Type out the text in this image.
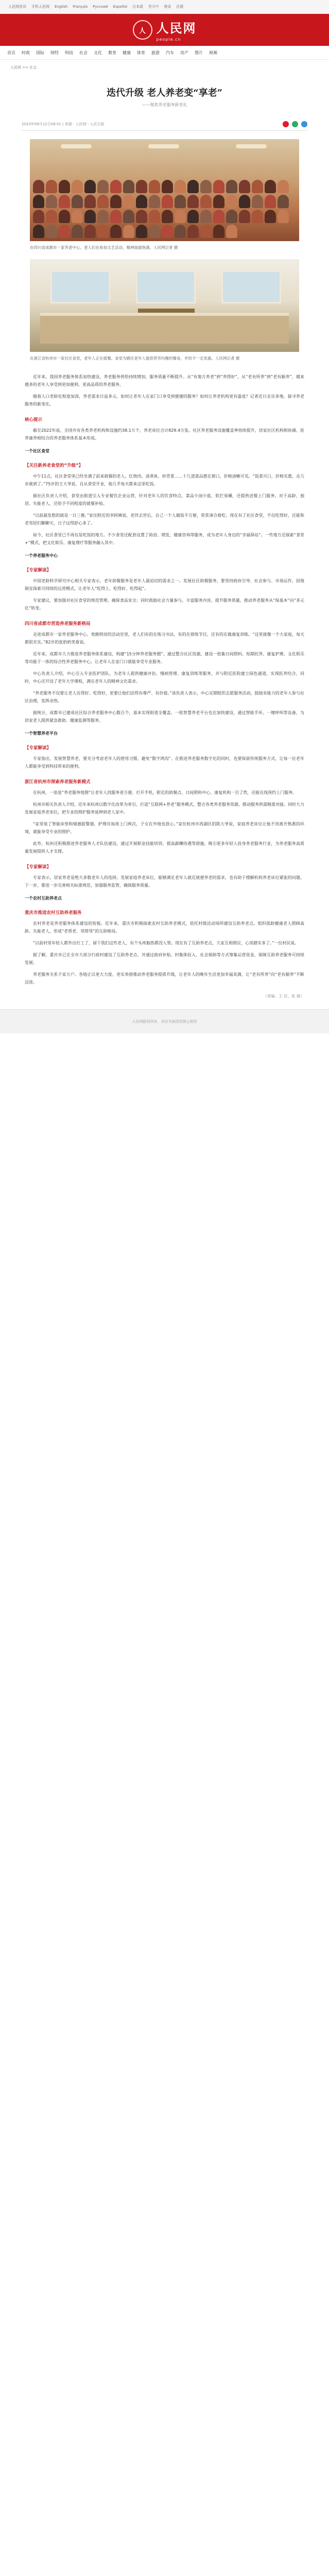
人民网首页 手机人民网 English Français Русский Español 日本語 한국어 登录 注册
人 人民网
people.cn
首页 时政 国际 财经 科技 社会 文化 教育 健康 体育 旅游 汽车 房产 图片 视频
人民网 >> 社会
迭代升级 老人养老变“享老”
——聚焦养老服务新变化
2023年09月12日08:01 | 来源：人民网－人民日报

在四川省成都市一家养老中心，老人们在参加文艺活动，精神面貌饱满。人民网记者 摄

在浙江省杭州市一家社区食堂，老年人正在就餐。食堂为辖区老年人提供营养均衡的餐食，并给予一定优惠。人民网记者 摄

近年来，我国养老服务体系加快建设，养老服务供给持续增加，服务质量不断提升。从“有地方养老”到“养得好”，从“老有所养”到“老有颐养”，越来越多的老年人享受到更加便利、更高品质的养老服务。

随着人口老龄化程度加深，养老需求日益多元。如何让老年人在家门口享受到便捷的服务？如何让养老机构更有温度？记者近日走访多地，探寻养老服务的新变化。

核心提示

截至2022年底，全国共有各类养老机构和设施约38.1万个，养老床位合计829.4万张。社区养老服务设施覆盖率持续提升，居家社区机构相协调、医养康养相结合的养老服务体系基本形成。

一个社区食堂
【关注新养老食堂的“升级”】

中午11点，社区食堂里已经坐满了前来就餐的老人。红烧肉、清蒸鱼、炒青菜……十几道菜品摆在窗口，价格清晰可见。“饭菜可口，价格实惠，走几步就到了。”75岁的王大爷说，自从食堂开业，他几乎每天都来这里吃饭。

据社区负责人介绍，食堂由街道引入专业餐饮企业运营，针对老年人的饮食特点，菜品少油少盐、软烂易嚼，还提供送餐上门服务。对于高龄、独居、失能老人，还给予不同程度的就餐补贴。

“以前最发愁的就是一日三餐。”家住附近的李阿姨说，老伴去世后，自己一个人做饭不方便，常常凑合着吃。现在有了社区食堂，不仅吃得好，还能和老邻居们聊聊天，日子过得舒心多了。

如今，社区食堂已不再仅是吃饭的地方。不少食堂还配套设置了助浴、理发、健康咨询等服务，成为老年人身边的“幸福驿站”。一些地方还探索“食堂+”模式，把文化娱乐、康复理疗等服务融入其中。

一个养老服务中心
【专家解读】

中国老龄科学研究中心相关专家表示，老年助餐服务是老年人最迫切的需求之一。发展社区助餐服务，要坚持政府引导、社会参与、市场运作，因地制宜探索可持续的运营模式，让老年人“吃得上、吃得好、吃得起”。

专家建议，要加强对社区食堂的规范管理，确保食品安全；同时鼓励社会力量参与，丰富服务内容，提升服务质量，推动养老服务从“保基本”向“多元化”转变。

四川省成都市营造养老服务新格局

走进成都市一家养老服务中心，宽敞明亮的活动室里，老人们有的在练习书法，有的在排练节目，还有的在做康复训练。“这里就像一个大家庭，每天都很充实。”82岁的张奶奶笑着说。

近年来，成都市大力推进养老服务体系建设，构建“15分钟养老服务圈”。通过整合社区资源，建设一批集日间照料、短期托养、康复护理、文化娱乐等功能于一体的综合性养老服务中心，让老年人在家门口就能享受专业服务。

中心负责人介绍，中心引入专业医护团队，为老年人提供健康评估、慢病管理、康复训练等服务，并与附近医院建立绿色通道，实现医养结合。同时，中心还开设了老年大学课程，满足老年人的精神文化需求。

“养老服务不仅要让老人住得好、吃得好，更要让他们活得有尊严、有价值。”该负责人表示，中心定期组织志愿服务活动，鼓励有能力的老年人参与社区治理，发挥余热。

据统计，成都市已建成社区综合养老服务中心数百个，基本实现街道全覆盖。一批智慧养老平台也在加快建设，通过智能手环、一键呼叫等设备，为居家老人提供紧急救助、健康监测等服务。

一个智慧养老平台
【专家解读】

专家指出，发展智慧养老，要充分考虑老年人的使用习惯，避免“数字鸿沟”。在推进养老服务数字化的同时，也要保留传统服务方式，让每一位老年人都能享受到科技带来的便利。

浙江省杭州市探索养老服务新模式

在杭州，一张张“养老服务地图”让老年人找服务更方便。打开手机，附近的助餐点、日间照料中心、康复机构一目了然，还能在线预约上门服务。

杭州市相关负责人介绍，近年来杭州以数字化改革为牵引，打造“互联网+养老”服务模式，整合各类养老服务资源，推动服务供需精准对接。同时大力发展家庭养老床位，把专业的照护服务延伸到老人家中。

“家里装了智能床垫和烟感报警器，护理员每周上门两次，子女在外地也放心。”家住杭州市西湖区的陈大爷说，家庭养老床位让他不用离开熟悉的环境，就能享受专业的照护。

此外，杭州还积极推进养老服务人才队伍建设，通过开展职业技能培训、提高薪酬待遇等措施，吸引更多年轻人投身养老服务行业，为养老服务高质量发展提供人才支撑。

【专家解读】

专家表示，居家养老是绝大多数老年人的选择。发展家庭养老床位，能够满足老年人就近就便养老的需求，也有助于缓解机构养老床位紧张的问题。下一步，要进一步完善相关标准规范，加强服务监管，确保服务质量。

一个农村互助养老点
重庆市推进农村互助养老服务

农村养老是养老服务体系建设的短板。近年来，重庆市积极探索农村互助养老模式，依托村级活动场所建设互助养老点，组织低龄健康老人照顾高龄、失能老人，形成“老帮老、邻帮邻”的互助格局。

“以前村里年轻人都外出打工了，留下我们这些老人，有个头疼脑热都没人管。现在有了互助养老点，大家互相照应，心里踏实多了。”一位村民说。

据了解，重庆市已在全市大部分行政村建设了互助养老点，并通过政府补贴、村集体投入、社会捐助等方式筹集运营资金，保障互助养老服务可持续发展。

养老服务关系千家万户。各地正以更大力度、更实举措推动养老服务提质升级，让老年人的晚年生活更加幸福美满，让“老有所养”向“老有颐养”不断迈进。

（责编：王 佳、张 敏）
人民网版权所有，未经书面授权禁止使用
